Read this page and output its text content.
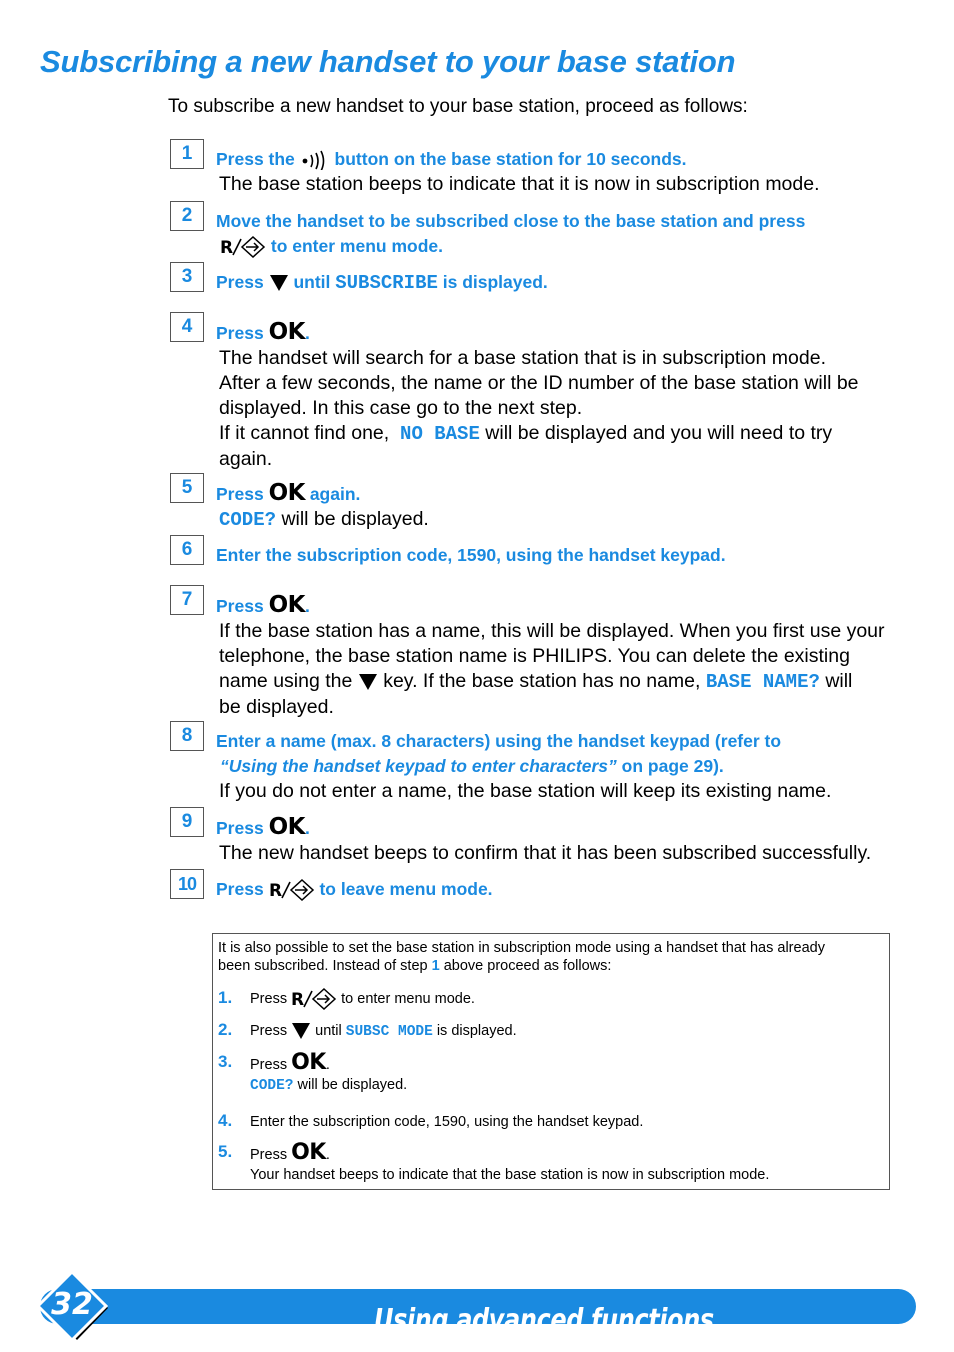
Subscribing a new handset to your base station
To subscribe a new handset to your base station, proceed as follows:
1	Press the button on the base station for 10 seconds.
The base station beeps to indicate that it is now in subscription mode.
2	Move the handset to be subscribed close to the base station and press
R to enter menu mode.
3	Press until SUBSCRIBE is displayed.
4	Press OK.
The handset will search for a base station that is in subscription mode.
After a few seconds, the name or the ID number of the base station will be
displayed. In this case go to the next step.
If it cannot find one, NO BASE will be displayed and you will need to try
again.
5	Press OK again.
CODE? will be displayed.
6	Enter the subscription code, 1590, using the handset keypad.
7	Press OK.
If the base station has a name, this will be displayed. When you first use your
telephone, the base station name is PHILIPS. You can delete the existing
name using the key. If the base station has no name, BASE NAME? will
be displayed.
8	Enter a name (max. 8 characters) using the handset keypad (refer to
“Using the handset keypad to enter characters” on page 29).
If you do not enter a name, the base station will keep its existing name.
9	Press OK.
The new handset beeps to confirm that it has been subscribed successfully.
10	Press R to leave menu mode.
It is also possible to set the base station in subscription mode using a handset that has already
been subscribed. Instead of step 1 above proceed as follows:
1. Press R	to enter menu mode.
2. Press until SUBSC MODE is displayed.
3. Press OK.
CODE? will be displayed.
4. Enter the subscription code, 1590, using the handset keypad.
5. Press OK.
Your handset beeps to indicate that the base station is now in subscription mode.
Using advanced functions
32
